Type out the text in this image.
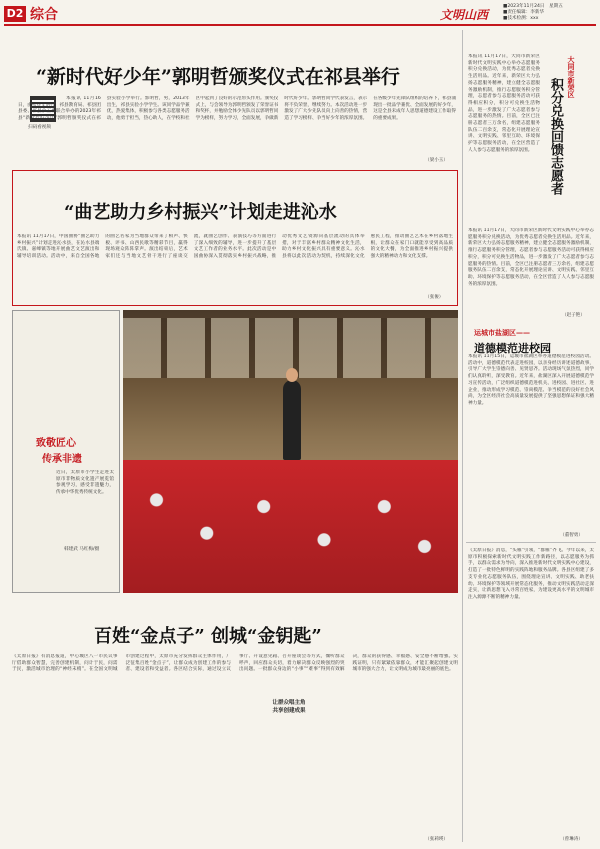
D2 综合	文明山西
■2023年11月24日　星期五
■责任编辑：李新华
■技术检测：xxx
“新时代好少年”郭明哲颁奖仪式在祁县举行
扫码看视频
本报讯 11月16日，由祁县文明办、祁县教育局、祁县团县委、祁县少工委联合举办的2023年祁县“新时代好少年”郭明哲颁奖仪式在祁县实验小学举行。郭明哲，男，2013年出生，祁县实验小学学生。该同学品学兼优，热爱集体，积极参与各类志愿服务活动，他勇于担当，热心助人，在学校和社区中起到了良好的示范带头作用。颁奖仪式上，与会领导为郭明哲颁发了荣誉证书和奖杯，并勉励全体少先队员以郭明哲同学为榜样，努力学习，全面发展，争做新时代好少年。郭明哲同学代表发言，表示将不负荣誉，继续努力。本次活动进一步激发了广大少先队员向上向善的热情，营造了学习榜样、争当好少年的浓厚氛围。在各级少年先锋队组织的培养下，祁县涌现出一批品学兼优、全面发展的好少年，这是全县未成年人思想道德建设工作取得的重要成果。
（梁小玉）
“曲艺助力乡村振兴”计划走进沁水
本报讯 11月17日，中国曲协“曲艺助力乡村振兴”计划走进沁水县，在沁水县端氏镇、嘉峰镇等地开展曲艺文艺演出和辅导培训活动。活动中，来自全国各地的曲艺名家为当地群众带来了相声、快板、评书、山西民歌等精彩节目，赢得现场观众阵阵掌声。演出结束后，艺术家们还与当地文艺骨干进行了座谈交流，就曲艺创作、表演技巧等方面进行了深入细致的辅导，进一步提升了基层文艺工作者的业务水平。此次活动是中国曲协深入贯彻落实乡村振兴战略，推动优秀文艺资源向基层流动的具体举措，对于丰富乡村群众精神文化生活，助力乡村文化振兴具有重要意义。沁水县将以此次活动为契机，持续深化文化惠民工程，推动曲艺艺术在乡村落地生根，让群众在家门口就能享受到高品质的文化大餐，为全面推进乡村振兴提供强大的精神动力和文化支撑。
（张俊）
致敬匠心
传承非遗
近日，太原市小学生走进太原市非物质文化遗产展览馆参观学习，感受非遗魅力，传承中华优秀传统文化。
韩建武 马红梅/摄
百姓“金点子” 创城“金钥匙”
《太原日报》有消息报道，中心城区八一市民议事厅借助群众智慧，完善创建机制，问计于民，问需于民，激活城市治理的“神经末梢”。在全国文明城市创建过程中，太原市充分发挥群众主体作用，广泛征集百姓“金点子”，让群众成为创建工作的参与者、建设者和受益者。各区结合实际，通过设立议事厅、开设意见箱、召开座谈会等方式，倾听群众呼声，回应群众关切，着力解决群众反映强烈的突出问题。一批群众身边的“小事”“难事”得到有效解决，群众的获得感、幸福感、安全感不断增强。实践证明，只有紧紧依靠群众，才能汇聚起创建文明城市的强大合力，让文明成为城市最亮丽的底色。
让群众唱主角
共享创建成果
（张莉瑛）
大同市新荣区
积分兑换回馈志愿者
本报讯 11月17日，大同市新荣区新时代文明实践中心举办志愿服务积分兑换活动，为优秀志愿者兑换生活用品。近年来，新荣区大力弘扬志愿服务精神，建立健全志愿服务激励机制，推行志愿服务积分管理，志愿者参与志愿服务活动可获得相应积分，积分可兑换生活物品，进一步激发了广大志愿者参与志愿服务的热情。目前，全区已注册志愿者三万余名，组建志愿服务队伍二百余支，常态化开展理论宣讲、文明实践、邻里互助、环境保护等志愿服务活动，在全区营造了人人参与志愿服务的浓厚氛围。
本报讯 11月17日，大同市新荣区新时代文明实践中心举办志愿服务积分兑换活动，为优秀志愿者兑换生活用品。近年来，新荣区大力弘扬志愿服务精神，建立健全志愿服务激励机制，推行志愿服务积分管理，志愿者参与志愿服务活动可获得相应积分，积分可兑换生活物品，进一步激发了广大志愿者参与志愿服务的热情。目前，全区已注册志愿者三万余名，组建志愿服务队伍二百余支，常态化开展理论宣讲、文明实践、邻里互助、环境保护等志愿服务活动，在全区营造了人人参与志愿服务的浓厚氛围。
（赵子艳）
运城市盐湖区——
道德模范进校园
本报讯 11月15日，运城市盐湖区举办道德模范进校园活动。活动中，道德模范代表走进校园，以亲身经历讲述道德故事，引导广大学生崇德向善、见贤思齐。活动现场气氛热烈，同学们认真聆听，深受教育。近年来，盐湖区深入开展道德模范学习宣传活动，广泛组织道德模范进机关、进校园、进社区、进企业，推动形成学习模范、崇尚模范、争当模范的良好社会风尚，为全区经济社会高质量发展提供了坚强思想保证和强大精神力量。
（董智勇）
《太原日报》消息，“头雁”引领，“群雁”齐飞。今年以来，太原市积极探索新时代文明实践工作新路径，以志愿服务为抓手，以群众需求为导向，深入推进新时代文明实践中心建设，打造了一批特色鲜明的实践阵地和服务品牌。各县区组建了多支专业化志愿服务队伍，围绕理论宣讲、文明实践、助老扶幼、环境保护等领域开展常态化服务，推动文明实践活动走深走实，让新思想飞入寻常百姓家，为建设更高水平的文明城市注入源源不断的精神力量。
（曾琳涛）
